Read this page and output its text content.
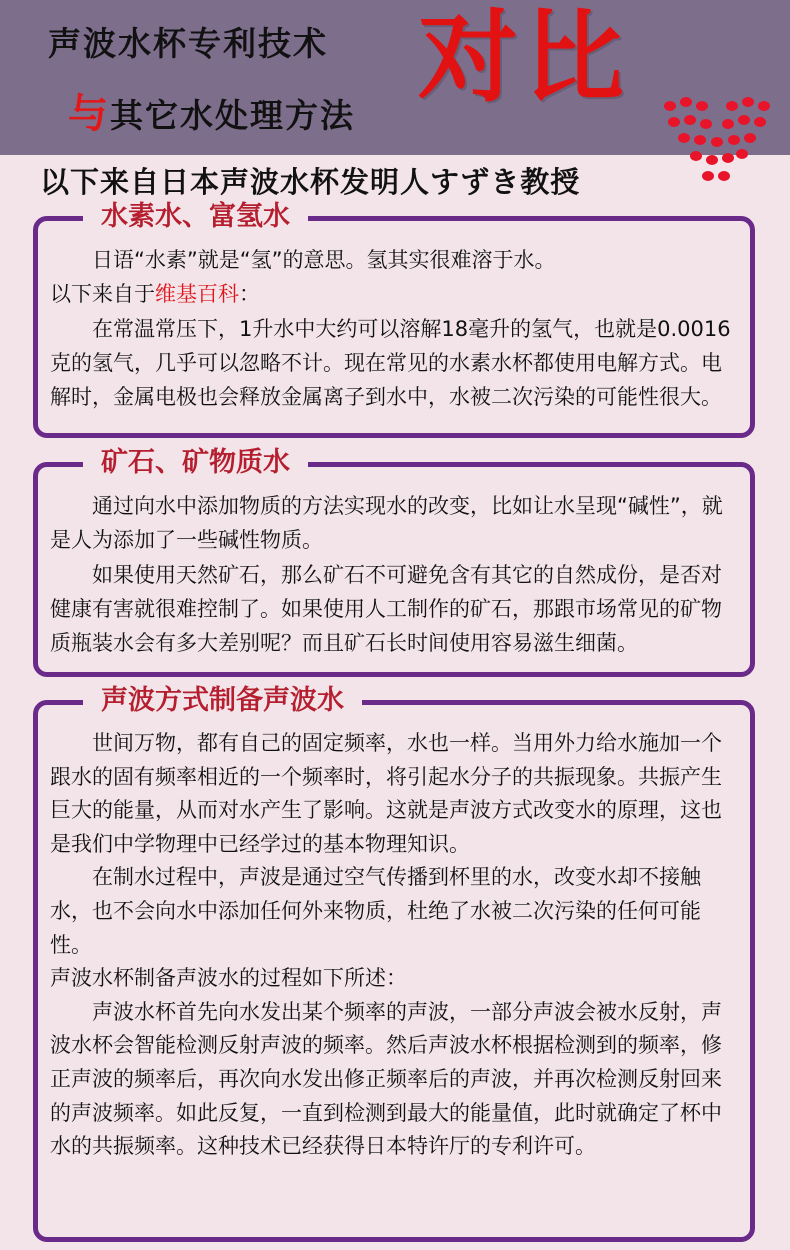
声波水杯专利技术
与其它水处理方法 对比
以下来自日本声波水杯发明人すずき教授
水素水、富氢水

日语“水素”就是“氢”的意思。氢其实很难溶于水。

以下来自于维基百科：

在常温常压下，1升水中大约可以溶解18毫升的氢气，也就是0.0016克的氢气，几乎可以忽略不计。现在常见的水素水杯都使用电解方式。电解时，金属电极也会释放金属离子到水中，水被二次污染的可能性很大。

矿石、矿物质水

通过向水中添加物质的方法实现水的改变，比如让水呈现“碱性”，就是人为添加了一些碱性物质。

如果使用天然矿石，那么矿石不可避免含有其它的自然成份，是否对健康有害就很难控制了。如果使用人工制作的矿石，那跟市场常见的矿物质瓶装水会有多大差别呢？而且矿石长时间使用容易滋生细菌。

声波方式制备声波水

世间万物，都有自己的固定频率，水也一样。当用外力给水施加一个跟水的固有频率相近的一个频率时，将引起水分子的共振现象。共振产生巨大的能量，从而对水产生了影响。这就是声波方式改变水的原理，这也是我们中学物理中已经学过的基本物理知识。

在制水过程中，声波是通过空气传播到杯里的水，改变水却不接触水，也不会向水中添加任何外来物质，杜绝了水被二次污染的任何可能性。

声波水杯制备声波水的过程如下所述：

声波水杯首先向水发出某个频率的声波，一部分声波会被水反射，声波水杯会智能检测反射声波的频率。然后声波水杯根据检测到的频率，修正声波的频率后，再次向水发出修正频率后的声波，并再次检测反射回来的声波频率。如此反复，一直到检测到最大的能量值，此时就确定了杯中水的共振频率。这种技术已经获得日本特许厅的专利许可。
